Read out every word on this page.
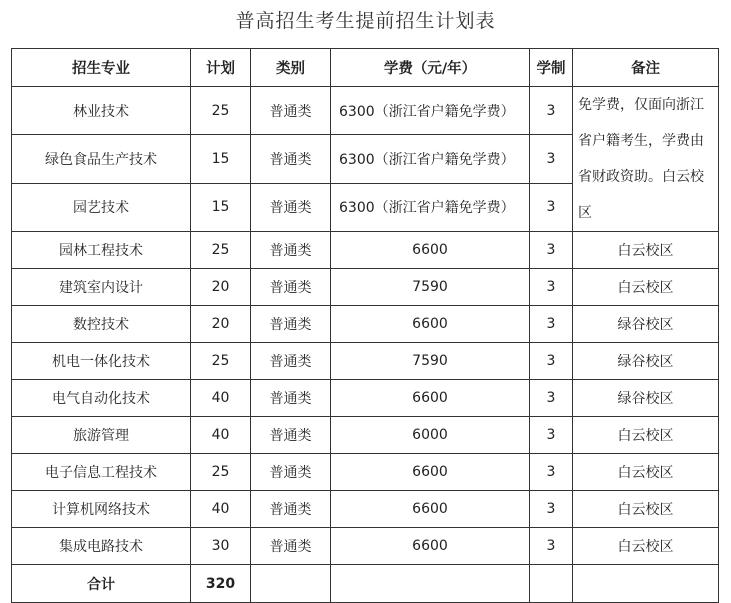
普高招生考生提前招生计划表
招生专业	计划	类别	学费（元/年）	学制	备注
林业技术	25	普通类	6300（浙江省户籍免学费）	3	免学费，仅面向浙江省户籍考生，学费由省财政资助。白云校区
绿色食品生产技术	15	普通类	6300（浙江省户籍免学费）	3	
园艺技术	15	普通类	6300（浙江省户籍免学费）	3	
园林工程技术	25	普通类	6600	3	白云校区
建筑室内设计	20	普通类	7590	3	白云校区
数控技术	20	普通类	6600	3	绿谷校区
机电一体化技术	25	普通类	7590	3	绿谷校区
电气自动化技术	40	普通类	6600	3	绿谷校区
旅游管理	40	普通类	6000	3	白云校区
电子信息工程技术	25	普通类	6600	3	白云校区
计算机网络技术	40	普通类	6600	3	白云校区
集成电路技术	30	普通类	6600	3	白云校区
合计	320				
